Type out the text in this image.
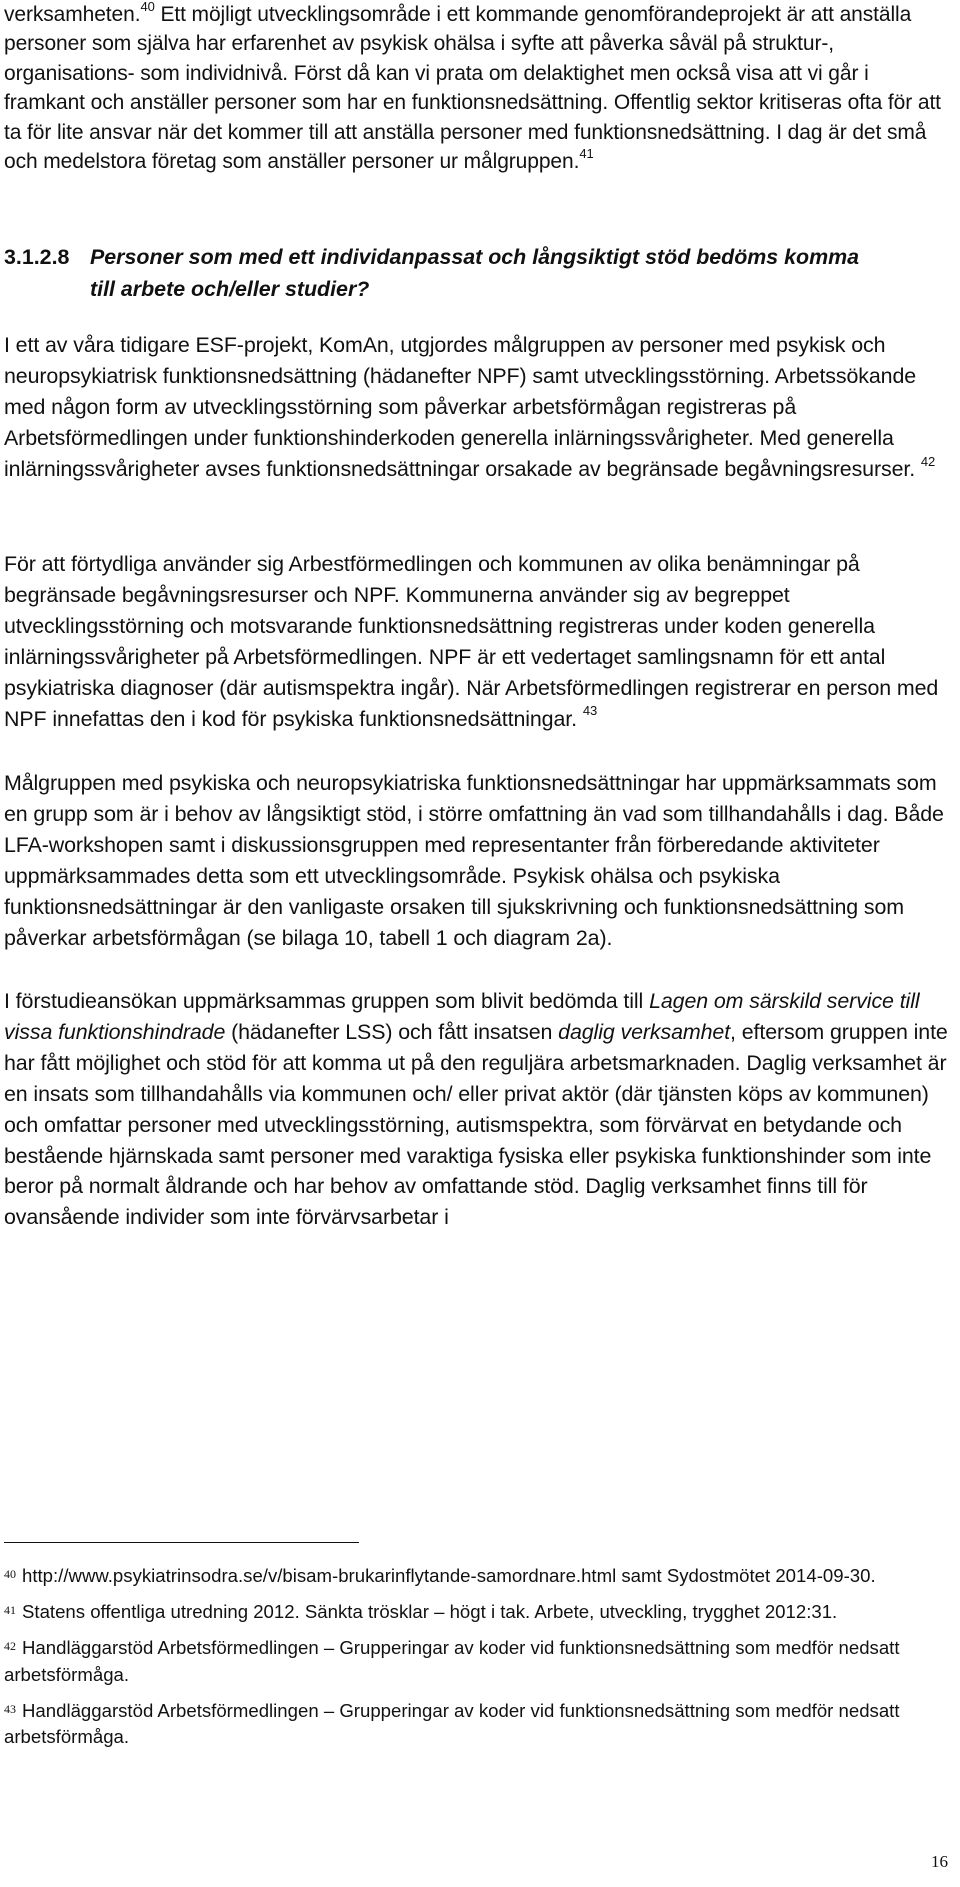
verksamheten.$^{40}$ Ett möjligt utvecklingsområde i ett kommande genomförandeprojekt är att anställa personer som själva har erfarenhet av psykisk ohälsa i syfte att påverka såväl på struktur-, organisations- som individnivå. Först då kan vi prata om delaktighet men också visa att vi går i framkant och anställer personer som har en funktionsnedsättning. Offentlig sektor kritiseras ofta för att ta för lite ansvar när det kommer till att anställa personer med funktionsnedsättning. I dag är det små och medelstora företag som anställer personer ur målgruppen.$^{41}$

3.1.2.8 Personer som med ett individanpassat och långsiktigt stöd bedöms komma
till arbete och/eller studier?

I ett av våra tidigare ESF-projekt, KomAn, utgjordes målgruppen av personer med psykisk och neuropsykiatrisk funktionsnedsättning (hädanefter NPF) samt utvecklingsstörning. Arbetssökande med någon form av utvecklingsstörning som påverkar arbetsförmågan registreras på Arbetsförmedlingen under funktionshinderkoden generella inlärningssvårigheter. Med generella inlärningssvårigheter avses funktionsnedsättningar orsakade av begränsade begåvningsresurser. $^{42}$

För att förtydliga använder sig Arbestförmedlingen och kommunen av olika benämningar på begränsade begåvningsresurser och NPF. Kommunerna använder sig av begreppet utvecklingsstörning och motsvarande funktionsnedsättning registreras under koden generella inlärningssvårigheter på Arbetsförmedlingen. NPF är ett vedertaget samlingsnamn för ett antal psykiatriska diagnoser (där autismspektra ingår). När Arbetsförmedlingen registrerar en person med NPF innefattas den i kod för psykiska funktionsnedsättningar. $^{43}$

Målgruppen med psykiska och neuropsykiatriska funktionsnedsättningar har uppmärksammats som en grupp som är i behov av långsiktigt stöd, i större omfattning än vad som tillhandahålls i dag. Både LFA-workshopen samt i diskussionsgruppen med representanter från förberedande aktiviteter uppmärksammades detta som ett utvecklingsområde. Psykisk ohälsa och psykiska funktionsnedsättningar är den vanligaste orsaken till sjukskrivning och funktionsnedsättning som påverkar arbetsförmågan (se bilaga 10, tabell 1 och diagram 2a).

I förstudieansökan uppmärksammas gruppen som blivit bedömda till Lagen om särskild service till vissa funktionshindrade (hädanefter LSS) och fått insatsen daglig verksamhet, eftersom gruppen inte har fått möjlighet och stöd för att komma ut på den reguljära arbetsmarknaden. Daglig verksamhet är en insats som tillhandahålls via kommunen och/ eller privat aktör (där tjänsten köps av kommunen) och omfattar personer med utvecklingsstörning, autismspektra, som förvärvat en betydande och bestående hjärnskada samt personer med varaktiga fysiska eller psykiska funktionshinder som inte beror på normalt åldrande och har behov av omfattande stöd. Daglig verksamhet finns till för ovansående individer som inte förvärvsarbetar i

40 http://www.psykiatrinsodra.se/v/bisam-brukarinflytande-samordnare.html samt Sydostmötet 2014-09-30.

41 Statens offentliga utredning 2012. Sänkta trösklar – högt i tak. Arbete, utveckling, trygghet 2012:31.

42 Handläggarstöd Arbetsförmedlingen – Grupperingar av koder vid funktionsnedsättning som medför nedsatt arbetsförmåga.

43 Handläggarstöd Arbetsförmedlingen – Grupperingar av koder vid funktionsnedsättning som medför nedsatt arbetsförmåga.

16
